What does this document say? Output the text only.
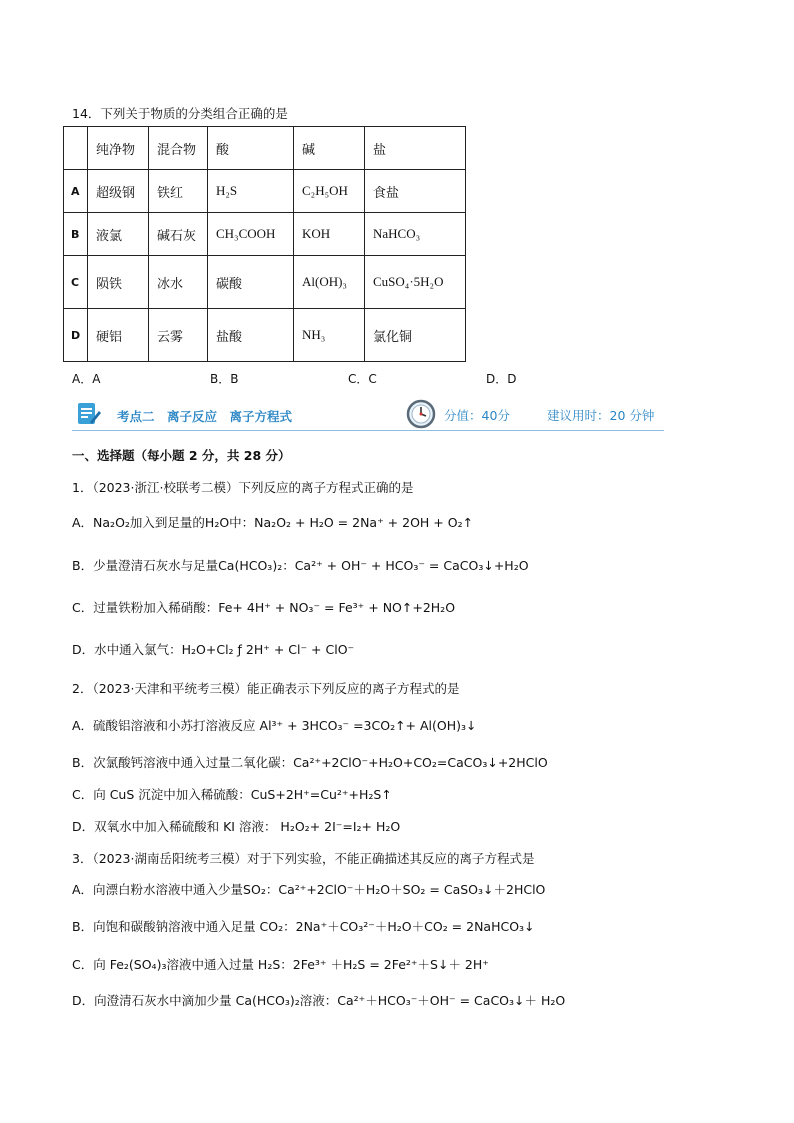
14．下列关于物质的分类组合正确的是
	纯净物	混合物	酸	碱	盐
A	超级钢	铁红	H₂S	C₂H₅OH	食盐
B	液氯	碱石灰	CH₃COOH	KOH	NaHCO₃
C	陨铁	冰水	碳酸	Al(OH)₃	CuSO₄·5H₂O
D	硬铝	云雾	盐酸	NH₃	氯化铜
A．A	B．B	C．C	D．D
考点二　离子反应　离子方程式	分值：40分	建议用时：20 分钟
一、选择题（每小题 2 分，共 28 分）
1．（2023·浙江·校联考二模）下列反应的离子方程式正确的是
A．Na₂O₂加入到足量的H₂O中：Na₂O₂ + H₂O = 2Na⁺ + 2OH + O₂↑
B．少量澄清石灰水与足量Ca(HCO₃)₂：Ca²⁺ + OH⁻ + HCO₃⁻ = CaCO₃↓+H₂O
C．过量铁粉加入稀硝酸：Fe+ 4H⁺ + NO₃⁻ = Fe³⁺ + NO↑+2H₂O
D．水中通入氯气：H₂O+Cl₂ ƒ 2H⁺ + Cl⁻ + ClO⁻
2．（2023·天津和平统考三模）能正确表示下列反应的离子方程式的是
A．硫酸铝溶液和小苏打溶液反应 Al³⁺ + 3HCO₃⁻ =3CO₂↑+ Al(OH)₃↓
B．次氯酸钙溶液中通入过量二氧化碳：Ca²⁺+2ClO⁻+H₂O+CO₂=CaCO₃↓+2HClO
C．向 CuS 沉淀中加入稀硫酸：CuS+2H⁺=Cu²⁺+H₂S↑
D．双氧水中加入稀硫酸和 KI 溶液： H₂O₂+ 2I⁻=I₂+ H₂O
3．（2023·湖南岳阳统考三模）对于下列实验，不能正确描述其反应的离子方程式是
A．向漂白粉水溶液中通入少量SO₂：Ca²⁺+2ClO⁻＋H₂O＋SO₂ = CaSO₃↓＋2HClO
B．向饱和碳酸钠溶液中通入足量 CO₂：2Na⁺＋CO₃²⁻＋H₂O＋CO₂ = 2NaHCO₃↓
C．向 Fe₂(SO₄)₃溶液中通入过量 H₂S：2Fe³⁺ ＋H₂S = 2Fe²⁺＋S↓＋ 2H⁺
D．向澄清石灰水中滴加少量 Ca(HCO₃)₂溶液：Ca²⁺＋HCO₃⁻＋OH⁻ = CaCO₃↓＋ H₂O
